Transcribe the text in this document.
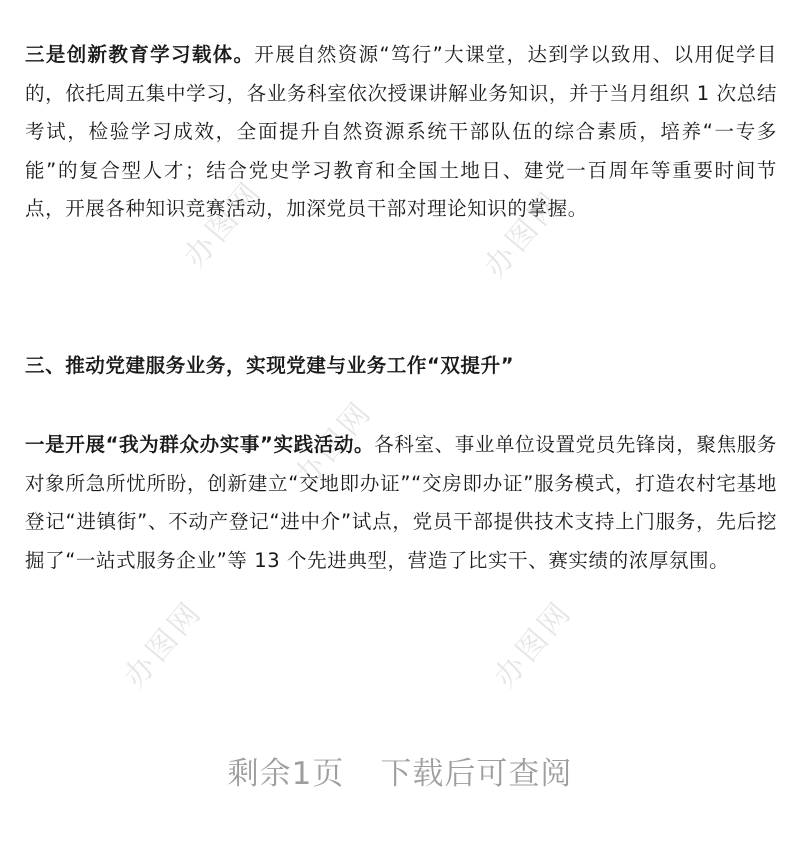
办图网	办图网
办图网
办图网
办图网

三是创新教育学习载体。开展自然资源“笃行”大课堂，达到学以致用、以用促学目的，依托周五集中学习，各业务科室依次授课讲解业务知识，并于当月组织 1 次总结考试，检验学习成效，全面提升自然资源系统干部队伍的综合素质，培养“一专多能”的复合型人才；结合党史学习教育和全国土地日、建党一百周年等重要时间节点，开展各种知识竞赛活动，加深党员干部对理论知识的掌握。

三、推动党建服务业务，实现党建与业务工作“双提升”

一是开展“我为群众办实事”实践活动。各科室、事业单位设置党员先锋岗，聚焦服务对象所急所忧所盼，创新建立“交地即办证”“交房即办证”服务模式，打造农村宅基地登记“进镇街”、不动产登记“进中介”试点，党员干部提供技术支持上门服务，先后挖掘了“一站式服务企业”等 13 个先进典型，营造了比实干、赛实绩的浓厚氛围。

剩余1页 下载后可查阅
